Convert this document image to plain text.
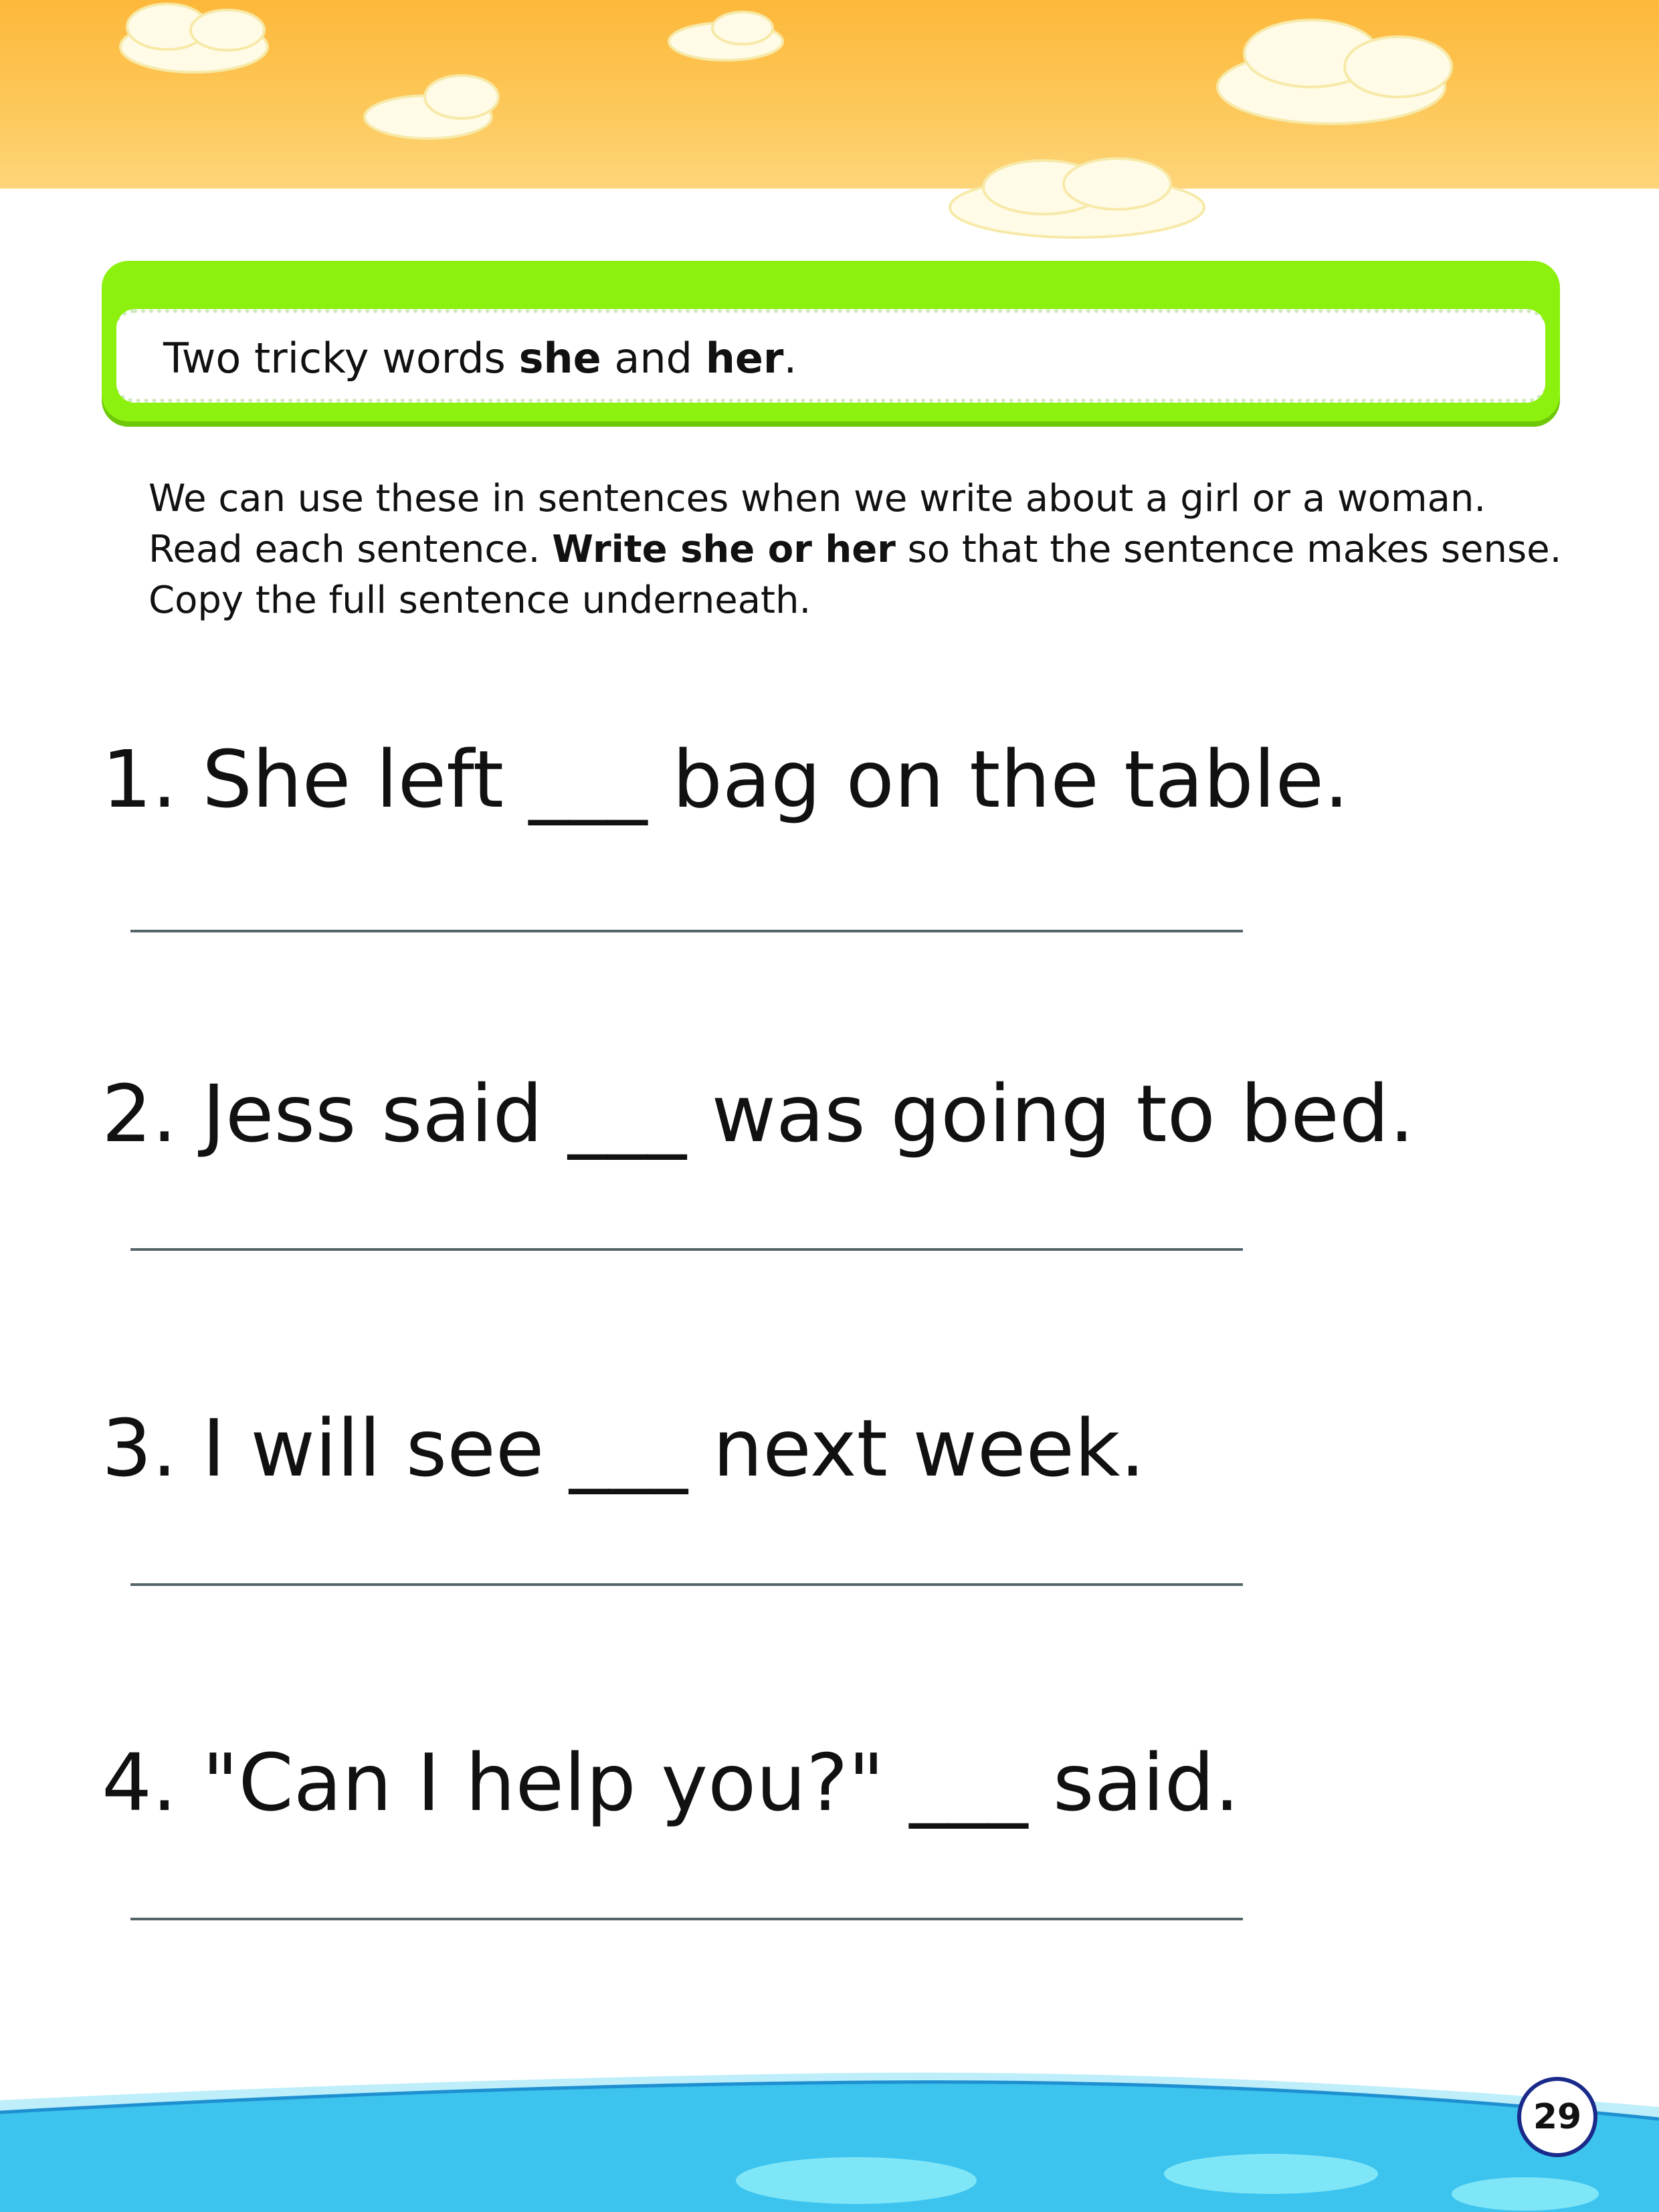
Two tricky words she and her.
We can use these in sentences when we write about a girl or a woman. Read each sentence. Write she or her so that the sentence makes sense. Copy the full sentence underneath.
1. She left ___ bag on the table.
2. Jess said ___ was going to bed.
3. I will see ___ next week.
4. "Can I help you?" ___ said.
29
